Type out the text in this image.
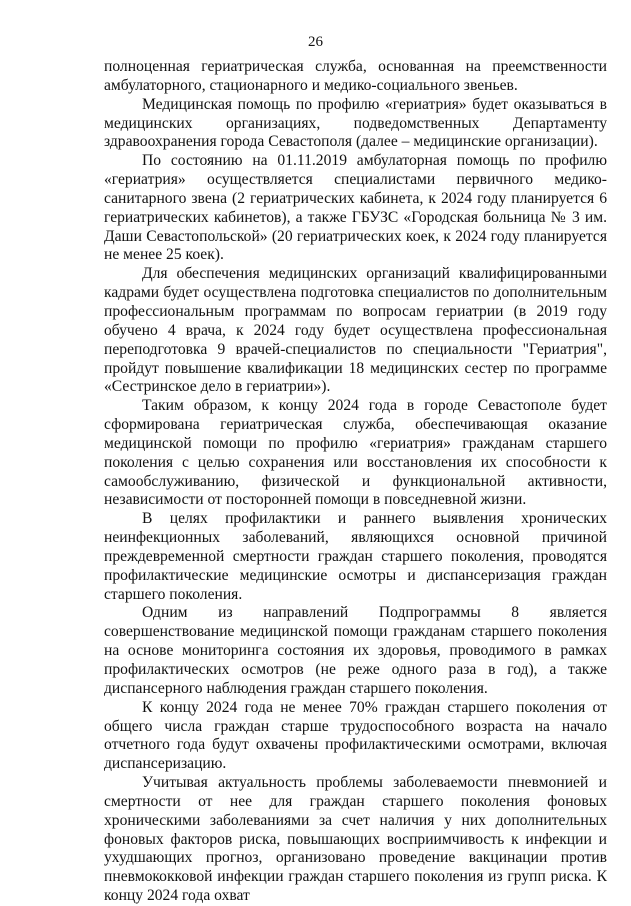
26

полноценная гериатрическая служба, основанная на преемственности амбулаторного, стационарного и медико-социального звеньев.

Медицинская помощь по профилю «гериатрия» будет оказываться в медицинских организациях, подведомственных Департаменту здравоохранения города Севастополя (далее – медицинские организации).

По состоянию на 01.11.2019 амбулаторная помощь по профилю «гериатрия» осуществляется специалистами первичного медико-санитарного звена (2 гериатрических кабинета, к 2024 году планируется 6 гериатрических кабинетов), а также ГБУЗС «Городская больница № 3 им. Даши Севастопольской» (20 гериатрических коек, к 2024 году планируется не менее 25 коек).

Для обеспечения медицинских организаций квалифицированными кадрами будет осуществлена подготовка специалистов по дополнительным профессиональным программам по вопросам гериатрии (в 2019 году обучено 4 врача, к 2024 году будет осуществлена профессиональная переподготовка 9 врачей-специалистов по специальности "Гериатрия", пройдут повышение квалификации 18 медицинских сестер по программе «Сестринское дело в гериатрии»).

Таким образом, к концу 2024 года в городе Севастополе будет сформирована гериатрическая служба, обеспечивающая оказание медицинской помощи по профилю «гериатрия» гражданам старшего поколения с целью сохранения или восстановления их способности к самообслуживанию, физической и функциональной активности, независимости от посторонней помощи в повседневной жизни.

В целях профилактики и раннего выявления хронических неинфекционных заболеваний, являющихся основной причиной преждевременной смертности граждан старшего поколения, проводятся профилактические медицинские осмотры и диспансеризация граждан старшего поколения.

Одним из направлений Подпрограммы 8 является совершенствование медицинской помощи гражданам старшего поколения на основе мониторинга состояния их здоровья, проводимого в рамках профилактических осмотров (не реже одного раза в год), а также диспансерного наблюдения граждан старшего поколения.

К концу 2024 года не менее 70% граждан старшего поколения от общего числа граждан старше трудоспособного возраста на начало отчетного года будут охвачены профилактическими осмотрами, включая диспансеризацию.

Учитывая актуальность проблемы заболеваемости пневмонией и смертности от нее для граждан старшего поколения фоновых хроническими заболеваниями за счет наличия у них дополнительных фоновых факторов риска, повышающих восприимчивость к инфекции и ухудшающих прогноз, организовано проведение вакцинации против пневмококковой инфекции граждан старшего поколения из групп риска. К концу 2024 года охват
